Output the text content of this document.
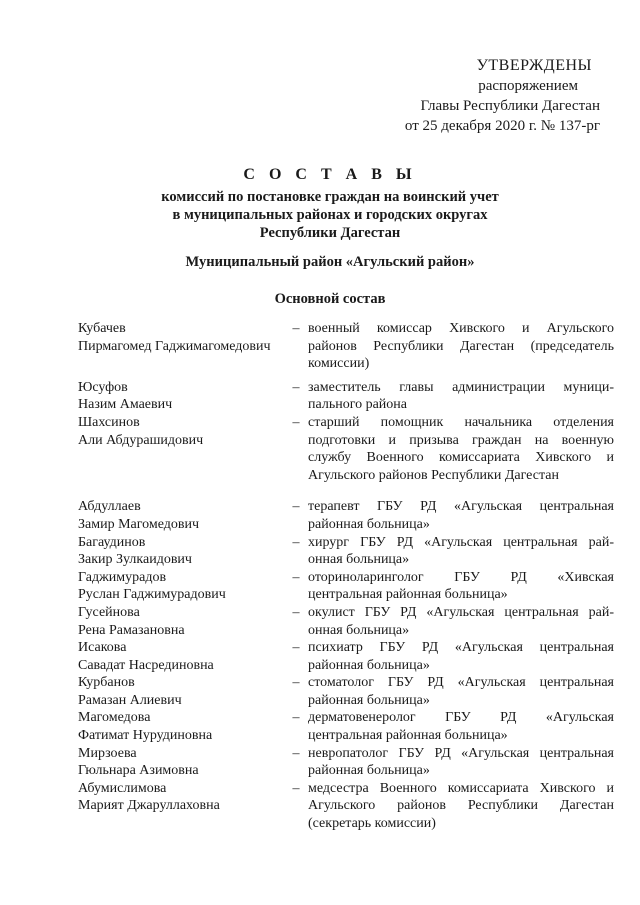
УТВЕРЖДЕНЫ
распоряжением
Главы Республики Дагестан
от 25 декабря 2020 г. № 137-рг
С О С Т А В Ы
комиссий по постановке граждан на воинский учет
в муниципальных районах и городских округах
Республики Дагестан
Муниципальный район «Агульский район»
Основной состав
Кубачев
Пирмагомед Гаджимагомедович
– военный комиссар Хивского и Агульского
районов Республики Дагестан (председатель
комиссии)
Юсуфов
Назим Амаевич
– заместитель главы администрации муници-
пального района
Шахсинов
Али Абдурашидович
– старший помощник начальника отделения
подготовки и призыва граждан на военную
службу Военного комиссариата Хивского и
Агульского районов Республики Дагестан
Абдуллаев
Замир Магомедович
– терапевт ГБУ РД «Агульская центральная
районная больница»
Багаудинов
Закир Зулкаидович
– хирург ГБУ РД «Агульская центральная рай-
онная больница»
Гаджимурадов
Руслан Гаджимурадович
– оториноларинголог ГБУ РД «Хивская
центральная районная больница»
Гусейнова
Рена Рамазановна
– окулист ГБУ РД «Агульская центральная рай-
онная больница»
Исакова
Савадат Насрединовна
– психиатр ГБУ РД «Агульская центральная
районная больница»
Курбанов
Рамазан Алиевич
– стоматолог ГБУ РД «Агульская центральная
районная больница»
Магомедова
Фатимат Нурудиновна
– дерматовенеролог ГБУ РД «Агульская
центральная районная больница»
Мирзоева
Гюльнара Азимовна
– невропатолог ГБУ РД «Агульская центральная
районная больница»
Абумислимова
Марият Джаруллаховна
– медсестра Военного комиссариата Хивского и
Агульского районов Республики Дагестан
(секретарь комиссии)
